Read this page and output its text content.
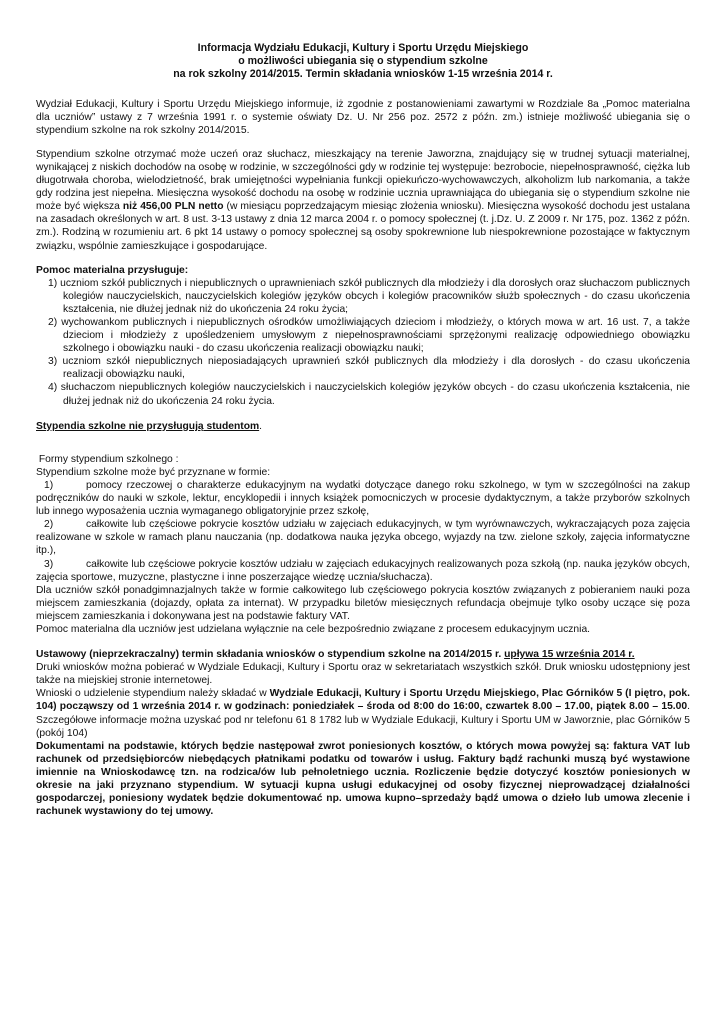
Informacja Wydziału Edukacji, Kultury i Sportu Urzędu Miejskiego
o możliwości ubiegania się o stypendium szkolne
na rok szkolny 2014/2015. Termin składania wniosków 1-15 września 2014 r.

Wydział Edukacji, Kultury i Sportu Urzędu Miejskiego informuje, iż zgodnie z postanowieniami zawartymi w Rozdziale 8a „Pomoc materialna dla uczniów” ustawy z 7 września 1991 r. o systemie oświaty Dz. U. Nr 256 poz. 2572 z późn. zm.) istnieje możliwość ubiegania się o stypendium szkolne na rok szkolny 2014/2015.

Stypendium szkolne otrzymać może uczeń oraz słuchacz, mieszkający na terenie Jaworzna, znajdujący się w trudnej sytuacji materialnej, wynikającej z niskich dochodów na osobę w rodzinie, w szczególności gdy w rodzinie tej występuje: bezrobocie, niepełnosprawność, ciężka lub długotrwała choroba, wielodzietność, brak umiejętności wypełniania funkcji opiekuńczo-wychowawczych, alkoholizm lub narkomania, a także gdy rodzina jest niepełna. Miesięczna wysokość dochodu na osobę w rodzinie ucznia uprawniająca do ubiegania się o stypendium szkolne nie może być większa niż 456,00 PLN netto (w miesiącu poprzedzającym miesiąc złożenia wniosku). Miesięczna wysokość dochodu jest ustalana na zasadach określonych w art. 8 ust. 3-13 ustawy z dnia 12 marca 2004 r. o pomocy społecznej (t. j.Dz. U. Z 2009 r. Nr 175, poz. 1362 z późn. zm.). Rodziną w rozumieniu art. 6 pkt 14 ustawy o pomocy społecznej są osoby spokrewnione lub niespokrewnione pozostające w faktycznym związku, wspólnie zamieszkujące i gospodarujące.

Pomoc materialna przysługuje:

1) uczniom szkół publicznych i niepublicznych o uprawnieniach szkół publicznych dla młodzieży i dla dorosłych oraz słuchaczom publicznych kolegiów nauczycielskich, nauczycielskich kolegiów języków obcych i kolegiów pracowników służb społecznych - do czasu ukończenia kształcenia, nie dłużej jednak niż do ukończenia 24 roku życia;

2) wychowankom publicznych i niepublicznych ośrodków umożliwiających dzieciom i młodzieży, o których mowa w art. 16 ust. 7, a także dzieciom i młodzieży z upośledzeniem umysłowym z niepełnosprawnościami sprzężonymi realizację odpowiedniego obowiązku szkolnego i obowiązku nauki - do czasu ukończenia realizacji obowiązku nauki;

3) uczniom szkół niepublicznych nieposiadających uprawnień szkół publicznych dla młodzieży i dla dorosłych - do czasu ukończenia realizacji obowiązku nauki,

4) słuchaczom niepublicznych kolegiów nauczycielskich i nauczycielskich kolegiów języków obcych - do czasu ukończenia kształcenia, nie dłużej jednak niż do ukończenia 24 roku życia.

Stypendia szkolne nie przysługują studentom.

Formy stypendium szkolnego :

Stypendium szkolne może być przyznane w formie:

1)	pomocy rzeczowej o charakterze edukacyjnym na wydatki dotyczące danego roku szkolnego, w tym w szczególności na zakup podręczników do nauki w szkole, lektur, encyklopedii i innych książek pomocniczych w procesie dydaktycznym, a także przyborów szkolnych lub innego wyposażenia ucznia wymaganego obligatoryjnie przez szkołę,

2)	całkowite lub częściowe pokrycie kosztów udziału w zajęciach edukacyjnych, w tym wyrównawczych, wykraczających poza zajęcia realizowane w szkole w ramach planu nauczania (np. dodatkowa nauka języka obcego, wyjazdy na tzw. zielone szkoły, zajęcia informatyczne itp.),

3)	całkowite lub częściowe pokrycie kosztów udziału w zajęciach edukacyjnych realizowanych poza szkołą (np. nauka języków obcych, zajęcia sportowe, muzyczne, plastyczne i inne poszerzające wiedzę ucznia/słuchacza).

Dla uczniów szkół ponadgimnazjalnych także w formie całkowitego lub częściowego pokrycia kosztów związanych z pobieraniem nauki poza miejscem zamieszkania (dojazdy, opłata za internat). W przypadku biletów miesięcznych refundacja obejmuje tylko osoby uczące się poza miejscem zamieszkania i dokonywana jest na podstawie faktury VAT.

Pomoc materialna dla uczniów jest udzielana wyłącznie na cele bezpośrednio związane z procesem edukacyjnym ucznia.

Ustawowy (nieprzekraczalny) termin składania wniosków o stypendium szkolne na 2014/2015 r. upływa 15 września 2014 r.

Druki wniosków można pobierać w Wydziale Edukacji, Kultury i Sportu oraz w sekretariatach wszystkich szkół. Druk wniosku udostępniony jest także na miejskiej stronie internetowej.

Wnioski o udzielenie stypendium należy składać w Wydziale Edukacji, Kultury i Sportu Urzędu Miejskiego, Plac Górników 5 (I piętro, pok. 104) począwszy od 1 września 2014 r. w godzinach: poniedziałek – środa od 8:00 do 16:00, czwartek 8.00 – 17.00, piątek 8.00 – 15.00. Szczegółowe informacje można uzyskać pod nr telefonu 61 8 1782 lub w Wydziale Edukacji, Kultury i Sportu UM w Jaworznie, plac Górników 5 (pokój 104)

Dokumentami na podstawie, których będzie następował zwrot poniesionych kosztów, o których mowa powyżej są: faktura VAT lub rachunek od przedsiębiorców niebędących płatnikami podatku od towarów i usług. Faktury bądź rachunki muszą być wystawione imiennie na Wnioskodawcę tzn. na rodzica/ów lub pełnoletniego ucznia. Rozliczenie będzie dotyczyć kosztów poniesionych w okresie na jaki przyznano stypendium. W sytuacji kupna usługi edukacyjnej od osoby fizycznej nieprowadzącej działalności gospodarczej, poniesiony wydatek będzie dokumentować np. umowa kupno–sprzedaży bądź umowa o dzieło lub umowa zlecenie i rachunek wystawiony do tej umowy.
